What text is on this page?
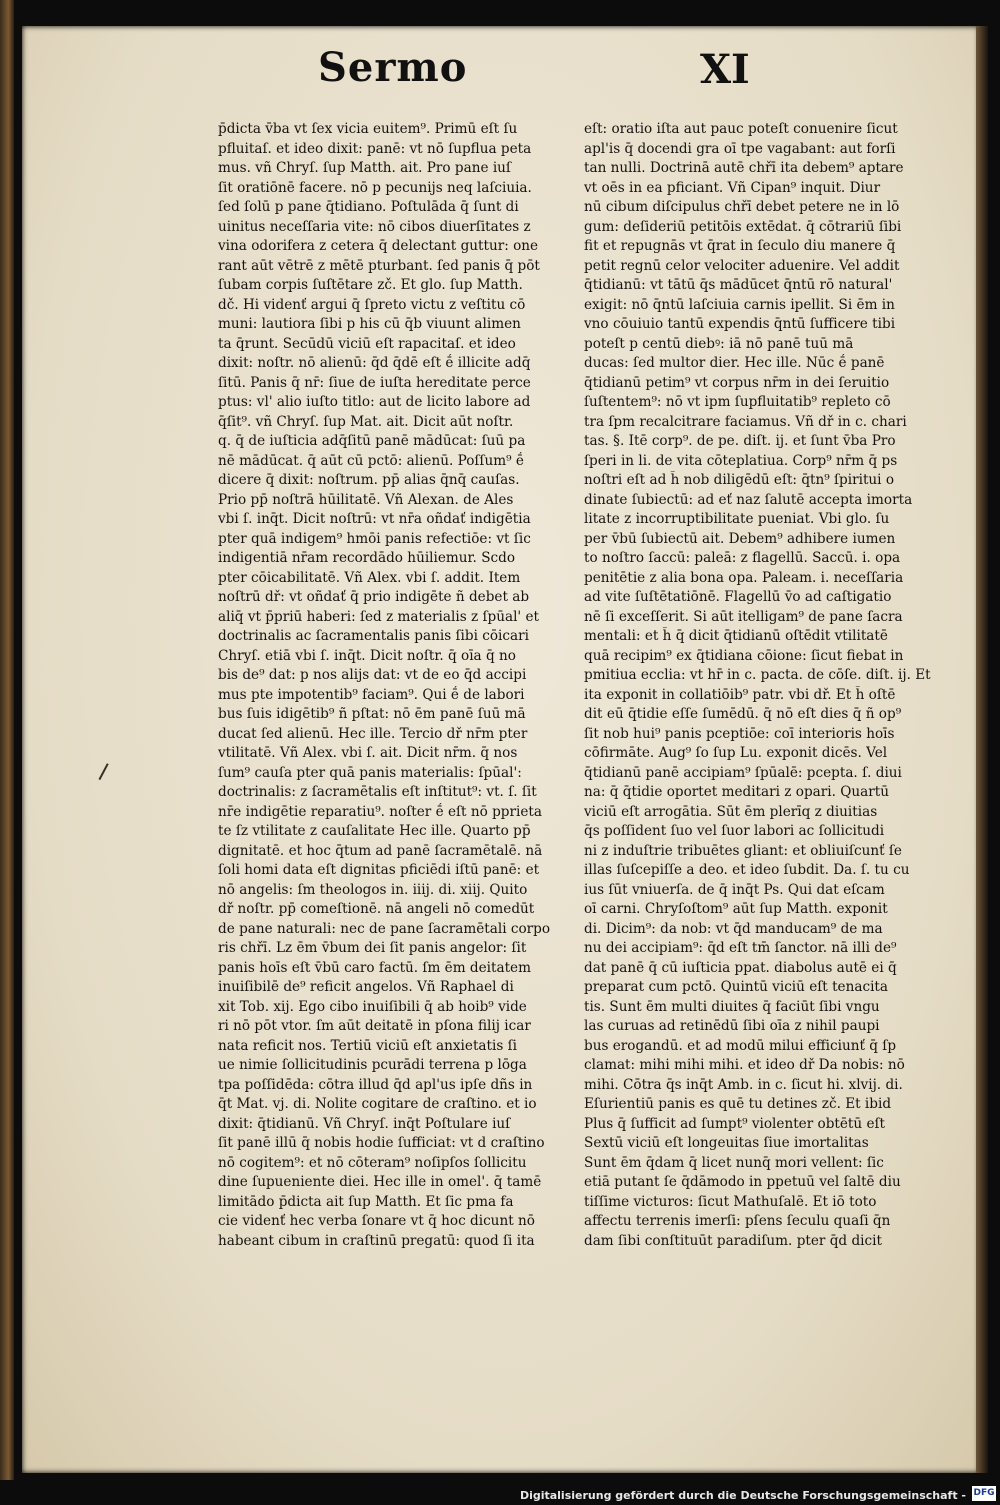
Sermo	XI
p̄dicta v̄ba vt ſex vicia euitem⁹. Primū eſt ſu
pfluitaſ. et ideo dixit: panē: vt nō ſupflua peta
mus. vñ Chryſ. ſup Matth. ait. Pro pane iuſ
ſit oratiōnē facere. nō p pecunijs neq laſciuia.
ſed ſolū p pane q̄tidiano. Poſtulāda q̄ ſunt di
uinitus neceſſaria vite: nō cibos diuerſitates z
vina odorifera z cetera q̄ delectant guttur: one
rant aūt vētrē z mētē pturbant. ſed panis q̄ pōt
ſubam corpis ſuſtētare zč. Et glo. ſup Matth.
dč. Hi videnť argui q̄ ſpreto victu z veſtitu cō
muni: lautiora ſibi p his cū q̄b viuunt alimen
ta q̄runt. Secūdū viciū eſt rapacitaſ. et ideo
dixit: noſtr. nō alienū: q̄d q̄dē eſt ḗ illicite adq̄
ſitū. Panis q̄ nr̄: ſiue de iuſta hereditate perce
ptus: vl' alio iuſto titlo: aut de licito labore ad
q̄ſit⁹. vñ Chryſ. ſup Mat. ait. Dicit aūt noſtr.
q. q̄ de iuſticia adq̄ſitū panē mādūcat: ſuū pa
nē mādūcat. q̄ aūt cū pctō: alienū. Poſſum⁹ ḗ
dicere q̄ dixit: noſtrum. pp̄ alias q̄nq̄ cauſas.
Prio pp̄ noſtrā hūilitatē. Vñ Alexan. de Ales
vbi ſ. inq̄t. Dicit noſtrū: vt nr̄a oñdať indigētia
pter quā indigem⁹ hmōi panis refectiōe: vt ſic
indigentiā nr̄am recordādo hūiliemur. Scdo
pter cōicabilitatē. Vñ Alex. vbi ſ. addit. Item
noſtrū dř: vt oñdať q̄ prio indigēte ñ debet ab
aliq̄ vt p̄priū haberi: ſed z materialis z ſpūal' et
doctrinalis ac ſacramentalis panis ſibi cōicari
Chryſ. etiā vbi ſ. inq̄t. Dicit noſtr. q̄ oīa q̄ no
bis de⁹ dat: p nos alijs dat: vt de eo q̄d accipi
mus pte impotentib⁹ faciam⁹. Qui ḗ de labori
bus ſuis idigētib⁹ ñ pſtat: nō ēm panē ſuū mā
ducat ſed alienū. Hec ille. Tercio dř nr̄m pter
vtilitatē. Vñ Alex. vbi ſ. ait. Dicit nr̄m. q̄ nos
ſum⁹ cauſa pter quā panis materialis: ſpūal':
doctrinalis: z ſacramētalis eſt inſtitut⁹: vt. ſ. ſit
nr̄e indigētie reparatiu⁹. noſter ḗ eſt nō pprieta
te ſz vtilitate z cauſalitate Hec ille. Quarto pp̄
dignitatē. et hoc q̄tum ad panē ſacramētalē. nā
ſoli homi data eſt dignitas pficiēdi iſtū panē: et
nō angelis: ſm theologos in. iiij. di. xiij. Quito
dř noſtr. pp̄ comeſtionē. nā angeli nō comedūt
de pane naturali: nec de pane ſacramētali corpo
ris chřī. Lz ēm v̄bum dei ſit panis angelor: ſit
panis hoīs eſt v̄bū caro factū. ſm ēm deitatem
inuiſibilē de⁹ reficit angelos. Vñ Raphael di
xit Tob. xij. Ego cibo inuiſibili q̄ ab hoib⁹ vide
ri nō pōt vtor. ſm aūt deitatē in pſona filij icar
nata reficit nos. Tertiū viciū eſt anxietatis ſi
ue nimie ſollicitudinis pcurādi terrena p lōga
tpa poſſidēda: cōtra illud q̄d apl'us ipſe dñs in
q̄t Mat. vj. di. Nolite cogitare de craſtino. et io
dixit: q̄tidianū. Vñ Chryſ. inq̄t Poſtulare iuſ
ſit panē illū q̄ nobis hodie ſufficiat: vt d craſtino
nō cogitem⁹: et nō cōteram⁹ noſipſos ſollicitu
dine ſupueniente diei. Hec ille in omel'. q̄ tamē
limitādo p̄dicta ait ſup Matth. Et ſic pma fa
cie videnť hec verba ſonare vt q̄ hoc dicunt nō
habeant cibum in craſtinū pregatū: quod ſi ita
eſt: oratio iſta aut pauc poteſt conuenire ſicut
apl'is q̄ docendi gra oī tpe vagabant: aut forſi
tan nulli. Doctrinā autē chřī ita debem⁹ aptare
vt oēs in ea pficiant. Vñ Cipan⁹ inquit. Diur
nū cibum diſcipulus chřī debet petere ne in lō
gum: deſideriū petitōis extēdat. q̄ cōtrariū ſibi
fit et repugnās vt q̄rat in ſeculo diu manere q̄
petit regnū celor velociter aduenire. Vel addit
q̄tidianū: vt tātū q̄s mādūcet q̄ntū rō natural'
exigit: nō q̄ntū laſciuia carnis ipellit. Si ēm in
vno cōuiuio tantū expendis q̄ntū ſufficere tibi
poteſt p centū diebꝰ: iā nō panē tuū mā
ducas: ſed multor dier. Hec ille. Nūc ḗ panē
q̄tidianū petim⁹ vt corpus nr̄m in dei ſeruitio
ſuſtentem⁹: nō vt ipm ſupfluitatib⁹ repleto cō
tra ſpm recalcitrare faciamus. Vñ dř in c. chari
tas. §. Itē corp⁹. de pe. diſt. ij. et ſunt v̄ba Pro
ſperi in li. de vita cōteplatiua. Corp⁹ nr̄m q̄ ps
noſtri eſt ad h̄ nob diligēdū eſt: q̄tn⁹ ſpiritui o
dinate ſubiectū: ad eť naz ſalutē accepta imorta
litate z incorruptibilitate pueniat. Vbi glo. ſu
per v̄bū ſubiectū ait. Debem⁹ adhibere iumen
to noſtro ſaccū: paleā: z flagellū. Saccū. i. opa
penitētie z alia bona opa. Paleam. i. neceſſaria
ad vite ſuſtētatiōnē. Flagellū v̄o ad caſtigatio
nē ſi exceſſerit. Si aūt itelligam⁹ de pane ſacra
mentali: et h̄ q̄ dicit q̄tidianū oſtēdit vtilitatē
quā recipim⁹ ex q̄tidiana cōione: ſicut fiebat in
pmitiua ecclia: vt hr̄ in c. pacta. de cōſe. diſt. ij. Et
ita exponit in collatiōib⁹ patr. vbi dř. Et h̄ oſtē
dit eū q̄tidie eſſe ſumēdū. q̄ nō eſt dies q̄ ñ op⁹
ſit nob hui⁹ panis pceptiōe: coī interioris hoīs
cōfirmāte. Aug⁹ ſo ſup Lu. exponit dicēs. Vel
q̄tidianū panē accipiam⁹ ſpūalē: pcepta. ſ. diui
na: q̄ q̄tidie oportet meditari z opari. Quartū
viciū eſt arrogātia. Sūt ēm plerīq z diuitias
q̄s poſſident ſuo vel ſuor labori ac ſollicitudi
ni z induſtrie tribuētes gliant: et obliuiſcunť ſe
illas ſuſcepiſſe a deo. et ideo ſubdit. Da. ſ. tu cu
ius ſūt vniuerſa. de q̄ inq̄t Ps. Qui dat eſcam
oī carni. Chryſoſtom⁹ aūt ſup Matth. exponit
di. Dicim⁹: da nob: vt q̄d manducam⁹ de ma
nu dei accipiam⁹: q̄d eſt tm̄ ſanctor. nā illi de⁹
dat panē q̄ cū iuſticia ppat. diabolus autē ei q̄
preparat cum pctō. Quintū viciū eſt tenacita
tis. Sunt ēm multi diuites q̄ faciūt ſibi vngu
las curuas ad retinēdū ſibi oīa z nihil paupi
bus erogandū. et ad modū milui efficiunť q̄ ſp
clamat: mihi mihi mihi. et ideo dř Da nobis: nō
mihi. Cōtra q̄s inq̄t Amb. in c. ſicut hi. xlvij. di.
Eſurientiū panis es quē tu detines zč. Et ibid
Plus q̄ ſufficit ad ſumpt⁹ violenter obtētū eſt
Sextū viciū eſt longeuitas ſiue imortalitas
Sunt ēm q̄dam q̄ licet nunq̄ mori vellent: ſic
etiā putant ſe q̄dāmodo in ppetuū vel ſaltē diu
tiſſime victuros: ſicut Mathuſalē. Et iō toto
affectu terrenis imerſi: pſens ſeculu quaſi q̄n
dam ſibi conſtituūt paradiſum. pter q̄d dicit
Digitalisierung gefördert durch die Deutsche Forschungsgemeinschaft - DFG
